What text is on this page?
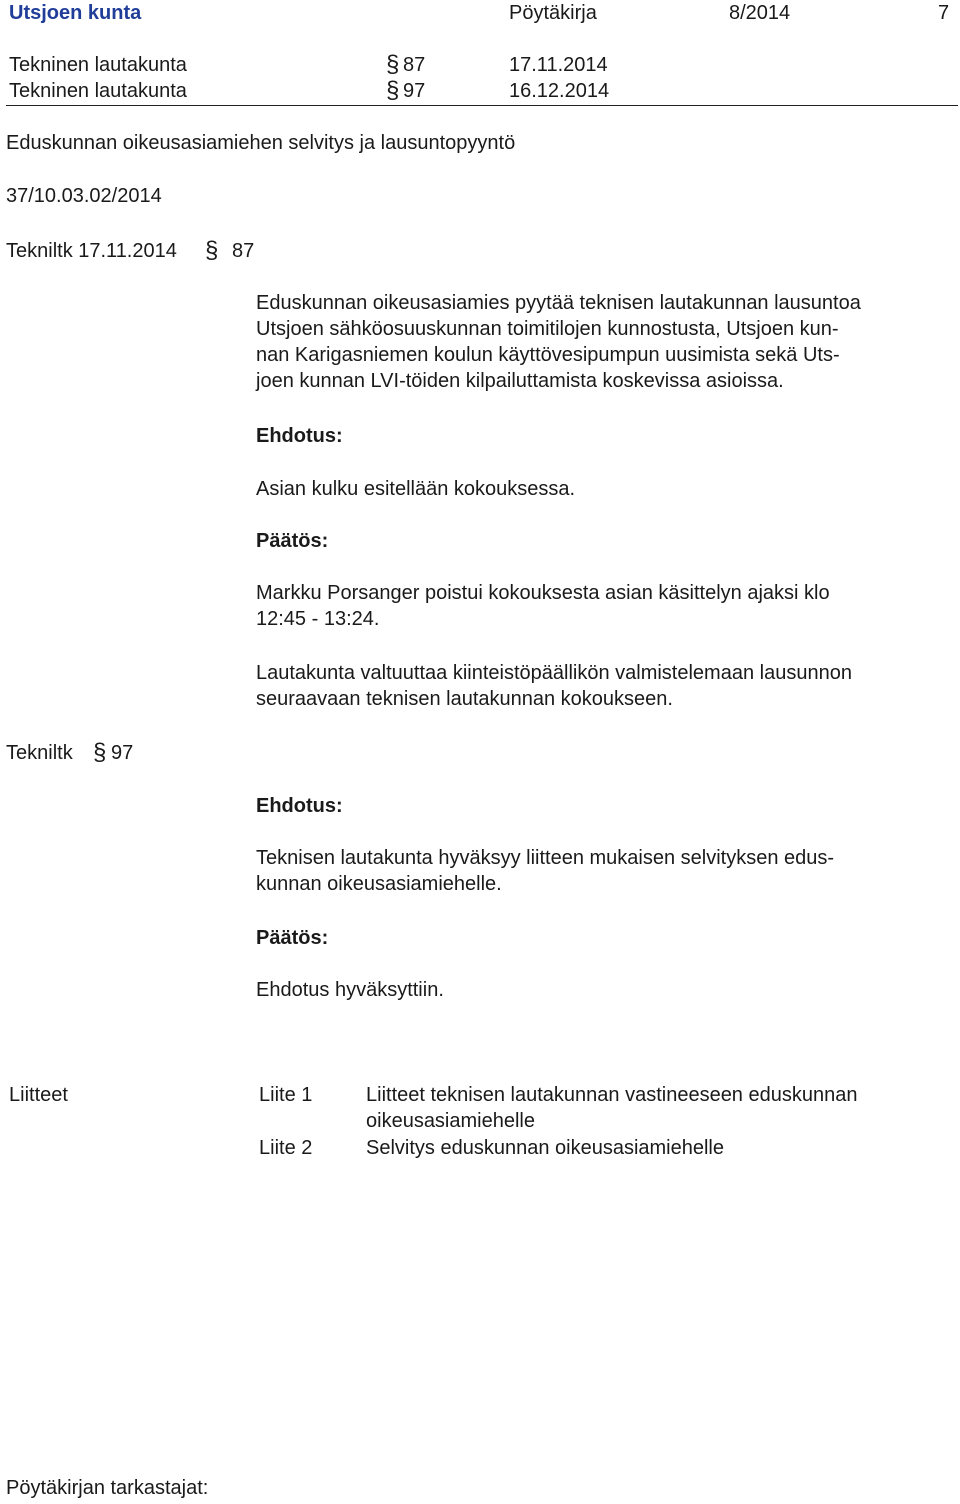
Utsjoen kunta	Pöytäkirja	8/2014	7
Tekninen lautakunta	§ 87	17.11.2014
Tekninen lautakunta	§ 97	16.12.2014
Eduskunnan oikeusasiamiehen selvitys ja lausuntopyyntö
37/10.03.02/2014
Tekniltk 17.11.2014 § 87
Eduskunnan oikeusasiamies pyytää teknisen lautakunnan lausuntoa
Utsjoen sähköosuuskunnan toimitilojen kunnostusta, Utsjoen kun-
nan Karigasniemen koulun käyttövesipumpun uusimista sekä Uts-
joen kunnan LVI-töiden kilpailuttamista koskevissa asioissa.
Ehdotus:
Asian kulku esitellään kokouksessa.
Päätös:
Markku Porsanger poistui kokouksesta asian käsittelyn ajaksi klo
12:45 - 13:24.
Lautakunta valtuuttaa kiinteistöpäällikön valmistelemaan lausunnon
seuraavaan teknisen lautakunnan kokoukseen.
Tekniltk § 97
Ehdotus:
Teknisen lautakunta hyväksyy liitteen mukaisen selvityksen edus-
kunnan oikeusasiamiehelle.
Päätös:
Ehdotus hyväksyttiin.
Liitteet	Liite 1	Liitteet teknisen lautakunnan vastineeseen eduskunnan
oikeusasiamiehelle
Liite 2	Selvitys eduskunnan oikeusasiamiehelle
Pöytäkirjan tarkastajat:
